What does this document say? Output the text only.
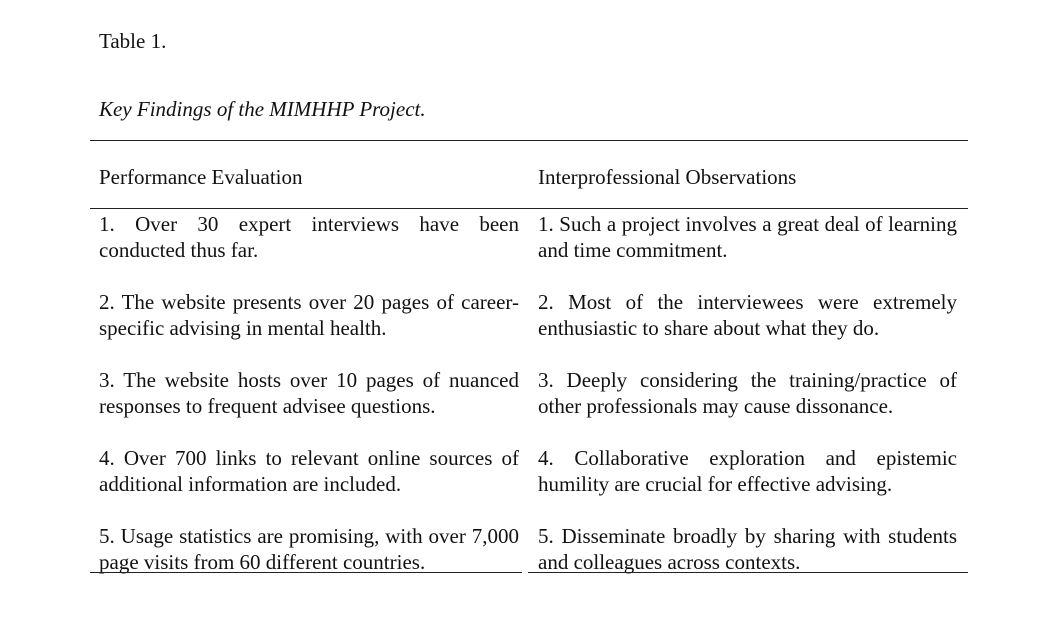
Table 1.
Key Findings of the MIMHHP Project.
Performance Evaluation	Interprofessional Observations
1. Over 30 expert interviews have been conducted thus far.
1. Such a project involves a great deal of learning and time commitment.
2. The website presents over 20 pages of career-specific advising in mental health.
2. Most of the interviewees were extremely enthusiastic to share about what they do.
3. The website hosts over 10 pages of nuanced responses to frequent advisee questions.
3. Deeply considering the training/practice of other professionals may cause dissonance.
4. Over 700 links to relevant online sources of additional information are included.
4. Collaborative exploration and epistemic humility are crucial for effective advising.
5. Usage statistics are promising, with over 7,000 page visits from 60 different countries.
5. Disseminate broadly by sharing with students and colleagues across contexts.
